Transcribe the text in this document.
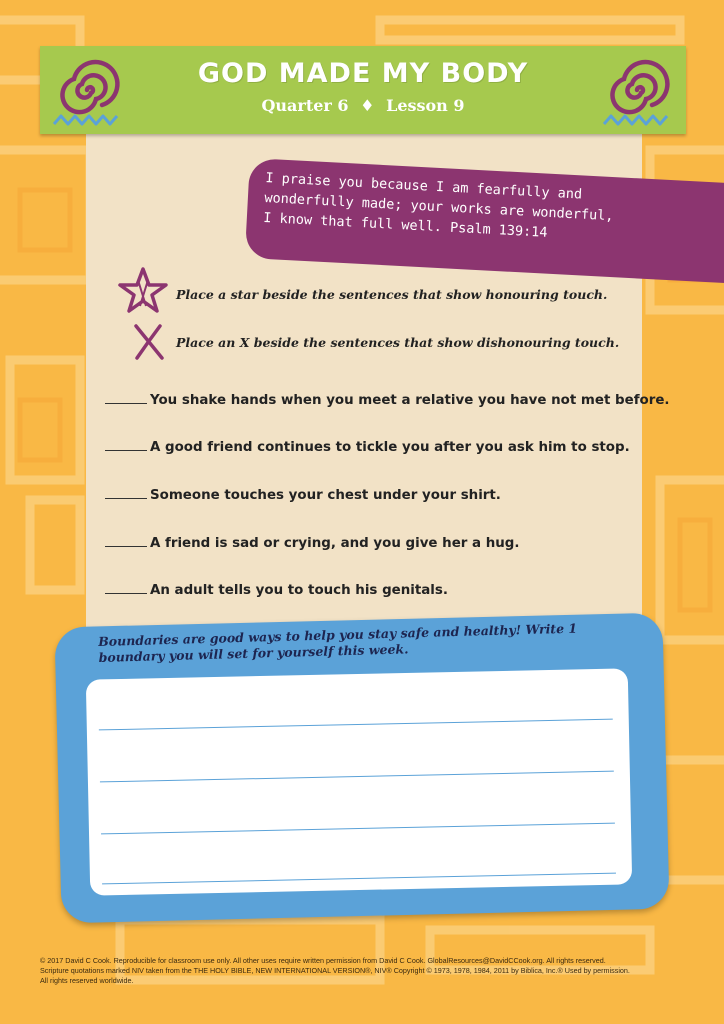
GOD MADE MY BODY
Quarter 6 ♦ Lesson 9
I praise you because I am fearfully and wonderfully made; your works are wonderful, I know that full well. Psalm 139:14
Place a star beside the sentences that show honouring touch.
Place an X beside the sentences that show dishonouring touch.
You shake hands when you meet a relative you have not met before.
A good friend continues to tickle you after you ask him to stop.
Someone touches your chest under your shirt.
A friend is sad or crying, and you give her a hug.
An adult tells you to touch his genitals.
Boundaries are good ways to help you stay safe and healthy! Write 1 boundary you will set for yourself this week.
© 2017 David C Cook. Reproducible for classroom use only. All other uses require written permission from David C Cook. GlobalResources@DavidCCook.org. All rights reserved.
Scripture quotations marked NIV taken from the THE HOLY BIBLE, NEW INTERNATIONAL VERSION®, NIV® Copyright © 1973, 1978, 1984, 2011 by Biblica, Inc.® Used by permission.
All rights reserved worldwide.
